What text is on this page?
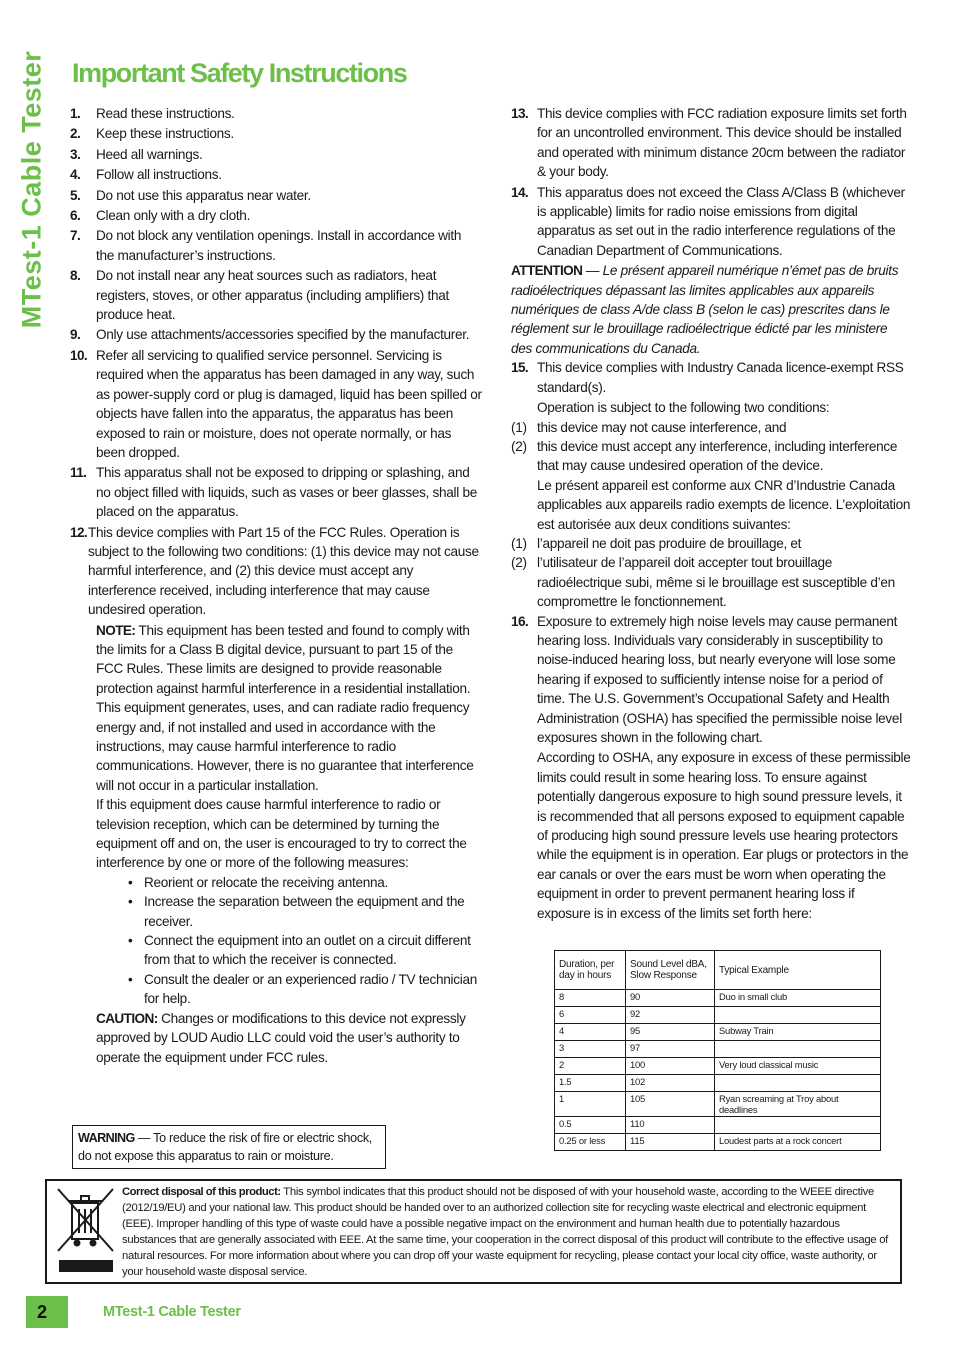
MTest-1 Cable Tester Important Safety Instructions
1.	Read these instructions.
2.	Keep these instructions.
3.	Heed all warnings.
4.	Follow all instructions.
5.	Do not use this apparatus near water.
6.	Clean only with a dry cloth.
7.	Do not block any ventilation openings. Install in accordance with the manufacturer’s instructions.
8.	Do not install near any heat sources such as radiators, heat registers, stoves, or other apparatus (including amplifiers) that produce heat.
9.	Only use attachments/accessories specified by the manufacturer.
10. Refer all servicing to qualified service personnel. Servicing is required when the apparatus has been damaged in any way, such as power-supply cord or plug is damaged, liquid has been spilled or objects have fallen into the apparatus, the apparatus has been exposed to rain or moisture, does not operate normally, or has been dropped.
11. This apparatus shall not be exposed to dripping or splashing, and no object filled with liquids, such as vases or beer glasses, shall be placed on the apparatus.
12. This device complies with Part 15 of the FCC Rules. Operation is subject to the following two conditions: (1) this device may not cause harmful interference, and (2) this device must accept any interference received, including interference that may cause undesired operation.
NOTE: This equipment has been tested and found to comply with the limits for a Class B digital device, pursuant to part 15 of the FCC Rules. These limits are designed to provide reasonable protection against harmful interference in a residential installation. This equipment generates, uses, and can radiate radio frequency energy and, if not installed and used in accordance with the instructions, may cause harmful interference to radio communications. However, there is no guarantee that interference will not occur in a particular installation.
If this equipment does cause harmful interference to radio or television reception, which can be determined by turning the equipment off and on, the user is encouraged to try to correct the interference by one or more of the following measures:
• Reorient or relocate the receiving antenna.
• Increase the separation between the equipment and the receiver.
• Connect the equipment into an outlet on a circuit different from that to which the receiver is connected.
• Consult the dealer or an experienced radio / TV technician for help.
CAUTION: Changes or modifications to this device not expressly approved by LOUD Audio LLC could void the user’s authority to operate the equipment under FCC rules.
WARNING — To reduce the risk of fire or electric shock, do not expose this apparatus to rain or moisture.
13. This device complies with FCC radiation exposure limits set forth for an uncontrolled environment. This device should be installed and operated with minimum distance 20cm between the radiator & your body.
14. This apparatus does not exceed the Class A/Class B (whichever is applicable) limits for radio noise emissions from digital apparatus as set out in the radio interference regulations of the Canadian Department of Communications.
ATTENTION — Le présent appareil numérique n’émet pas de bruits radioélectriques dépassant las limites applicables aux appareils numériques de class A/de class B (selon le cas) prescrites dans le réglement sur le brouillage radioélectrique édicté par les ministere des communications du Canada.
15. This device complies with Industry Canada licence-exempt RSS standard(s).
Operation is subject to the following two conditions:
(1) this device may not cause interference, and
(2) this device must accept any interference, including interference that may cause undesired operation of the device.
Le présent appareil est conforme aux CNR d’Industrie Canada applicables aux appareils radio exempts de licence. L’exploitation est autorisée aux deux conditions suivantes:
(1) l’appareil ne doit pas produire de brouillage, et
(2) l’utilisateur de l’appareil doit accepter tout brouillage radioélectrique subi, même si le brouillage est susceptible d’en compromettre le fonctionnement.
16. Exposure to extremely high noise levels may cause permanent hearing loss. Individuals vary considerably in susceptibility to noise-induced hearing loss, but nearly everyone will lose some hearing if exposed to sufficiently intense noise for a period of time. The U.S. Government’s Occupational Safety and Health Administration (OSHA) has specified the permissible noise level exposures shown in the following chart.
According to OSHA, any exposure in excess of these permissible limits could result in some hearing loss. To ensure against potentially dangerous exposure to high sound pressure levels, it is recommended that all persons exposed to equipment capable of producing high sound pressure levels use hearing protectors while the equipment is in operation. Ear plugs or protectors in the ear canals or over the ears must be worn when operating the equipment in order to prevent permanent hearing loss if exposure is in excess of the limits set forth here:
Duration, per day in hours	Sound Level dBA, Slow Response	Typical Example
8	90	Duo in small club
6	92	
4	95	Subway Train
3	97	
2	100	Very loud classical music
1.5	102	
1	105	Ryan screaming at Troy about deadlines
0.5	110	
0.25 or less	115	Loudest parts at a rock concert
Correct disposal of this product: This symbol indicates that this product should not be disposed of with your household waste, according to the WEEE directive (2012/19/EU) and your national law. This product should be handed over to an authorized collection site for recycling waste electrical and electronic equipment (EEE). Improper handling of this type of waste could have a possible negative impact on the environment and human health due to potentially hazardous substances that are generally associated with EEE. At the same time, your cooperation in the correct disposal of this product will contribute to the effective usage of natural resources. For more information about where you can drop off your waste equipment for recycling, please contact your local city office, waste authority, or your household waste disposal service.
2	MTest-1 Cable Tester
